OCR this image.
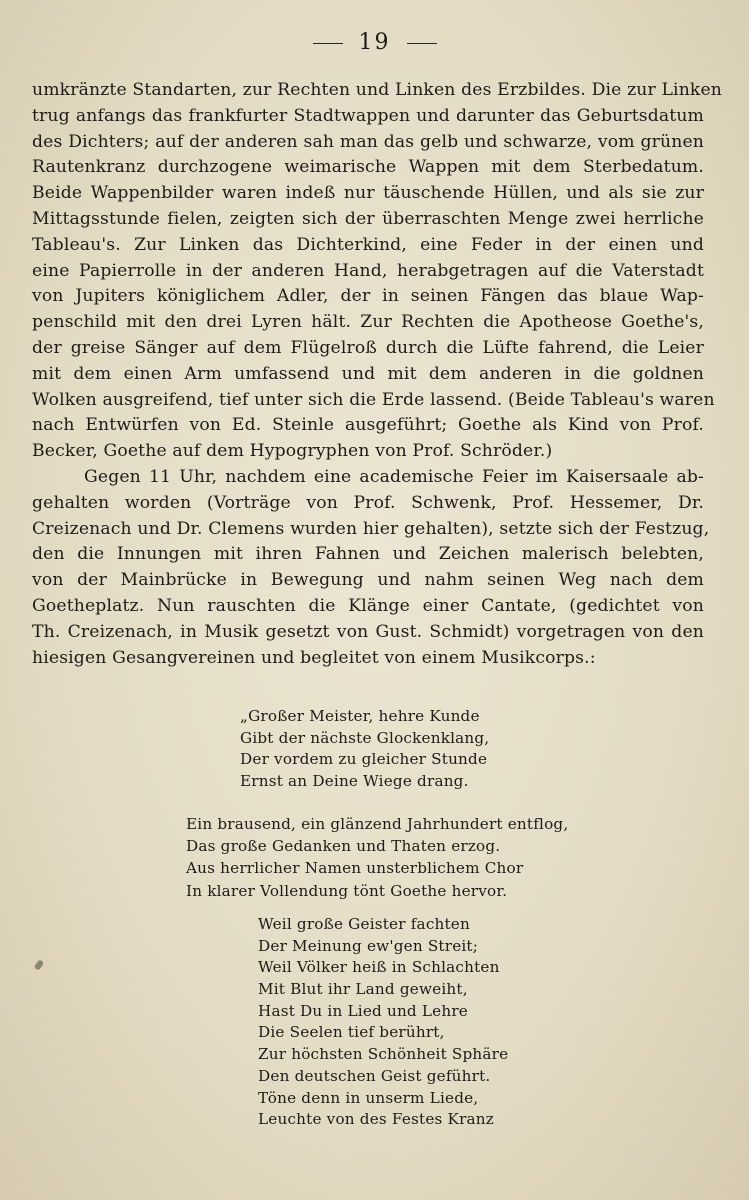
19
umkränzte Standarten, zur Rechten und Linken des Erzbildes. Die zur Linken
trug anfangs das frankfurter Stadtwappen und darunter das Geburtsdatum
des Dichters; auf der anderen sah man das gelb und schwarze, vom grünen
Rautenkranz durchzogene weimarische Wappen mit dem Sterbedatum.
Beide Wappenbilder waren indeß nur täuschende Hüllen, und als sie zur
Mittagsstunde fielen, zeigten sich der überraschten Menge zwei herrliche
Tableau's. Zur Linken das Dichterkind, eine Feder in der einen und
eine Papierrolle in der anderen Hand, herabgetragen auf die Vaterstadt
von Jupiters königlichem Adler, der in seinen Fängen das blaue Wap-
penschild mit den drei Lyren hält. Zur Rechten die Apotheose Goethe's,
der greise Sänger auf dem Flügelroß durch die Lüfte fahrend, die Leier
mit dem einen Arm umfassend und mit dem anderen in die goldnen
Wolken ausgreifend, tief unter sich die Erde lassend. (Beide Tableau's waren
nach Entwürfen von Ed. Steinle ausgeführt; Goethe als Kind von Prof.
Becker, Goethe auf dem Hypogryphen von Prof. Schröder.)
Gegen 11 Uhr, nachdem eine academische Feier im Kaisersaale ab-
gehalten worden (Vorträge von Prof. Schwenk, Prof. Hessemer, Dr.
Creizenach und Dr. Clemens wurden hier gehalten), setzte sich der Festzug,
den die Innungen mit ihren Fahnen und Zeichen malerisch belebten,
von der Mainbrücke in Bewegung und nahm seinen Weg nach dem
Goetheplatz. Nun rauschten die Klänge einer Cantate, (gedichtet von
Th. Creizenach, in Musik gesetzt von Gust. Schmidt) vorgetragen von den
hiesigen Gesangvereinen und begleitet von einem Musikcorps.:
„Großer Meister, hehre Kunde
Gibt der nächste Glockenklang,
Der vordem zu gleicher Stunde
Ernst an Deine Wiege drang.
Ein brausend, ein glänzend Jahrhundert entflog,
Das große Gedanken und Thaten erzog.
Aus herrlicher Namen unsterblichem Chor
In klarer Vollendung tönt Goethe hervor.
Weil große Geister fachten
Der Meinung ew'gen Streit;
Weil Völker heiß in Schlachten
Mit Blut ihr Land geweiht,
Hast Du in Lied und Lehre
Die Seelen tief berührt,
Zur höchsten Schönheit Sphäre
Den deutschen Geist geführt.
Töne denn in unserm Liede,
Leuchte von des Festes Kranz
